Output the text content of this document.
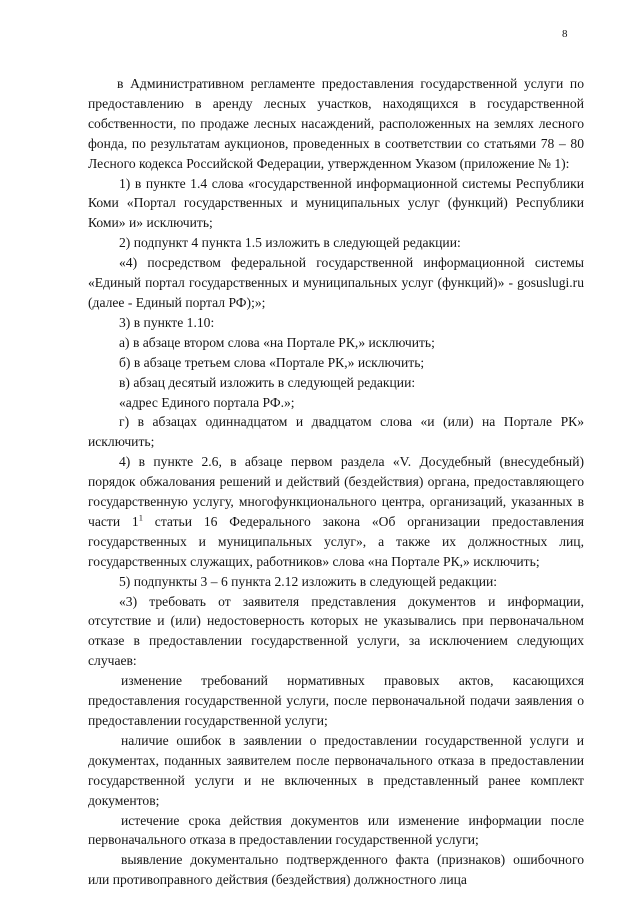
8

в Административном регламенте предоставления государственной услуги по предоставлению в аренду лесных участков, находящихся в государственной собственности, по продаже лесных насаждений, расположенных на землях лесного фонда, по результатам аукционов, проведенных в соответствии со статьями 78 – 80 Лесного кодекса Российской Федерации, утвержденном Указом (приложение № 1):

1) в пункте 1.4 слова «государственной информационной системы Республики Коми «Портал государственных и муниципальных услуг (функций) Республики Коми» и» исключить;

2) подпункт 4 пункта 1.5 изложить в следующей редакции:

«4) посредством федеральной государственной информационной системы «Единый портал государственных и муниципальных услуг (функций)» - gosuslugi.ru (далее - Единый портал РФ);»;

3) в пункте 1.10:

а) в абзаце втором слова «на Портале РК,» исключить;

б) в абзаце третьем слова «Портале РК,» исключить;

в) абзац десятый изложить в следующей редакции:

«адрес Единого портала РФ.»;

г) в абзацах одиннадцатом и двадцатом слова «и (или) на Портале РК» исключить;

4) в пункте 2.6, в абзаце первом раздела «V. Досудебный (внесудебный) порядок обжалования решений и действий (бездействия) органа, предоставляющего государственную услугу, многофункционального центра, организаций, указанных в части $1^1$ статьи 16 Федерального закона «Об организации предоставления государственных и муниципальных услуг», а также их должностных лиц, государственных служащих, работников» слова «на Портале РК,» исключить;

5) подпункты 3 – 6 пункта 2.12 изложить в следующей редакции:

«3) требовать от заявителя представления документов и информации, отсутствие и (или) недостоверность которых не указывались при первоначальном отказе в предоставлении государственной услуги, за исключением следующих случаев:

изменение требований нормативных правовых актов, касающихся предоставления государственной услуги, после первоначальной подачи заявления о предоставлении государственной услуги;

наличие ошибок в заявлении о предоставлении государственной услуги и документах, поданных заявителем после первоначального отказа в предоставлении государственной услуги и не включенных в представленный ранее комплект документов;

истечение срока действия документов или изменение информации после первоначального отказа в предоставлении государственной услуги;

выявление документально подтвержденного факта (признаков) ошибочного или противоправного действия (бездействия) должностного лица
